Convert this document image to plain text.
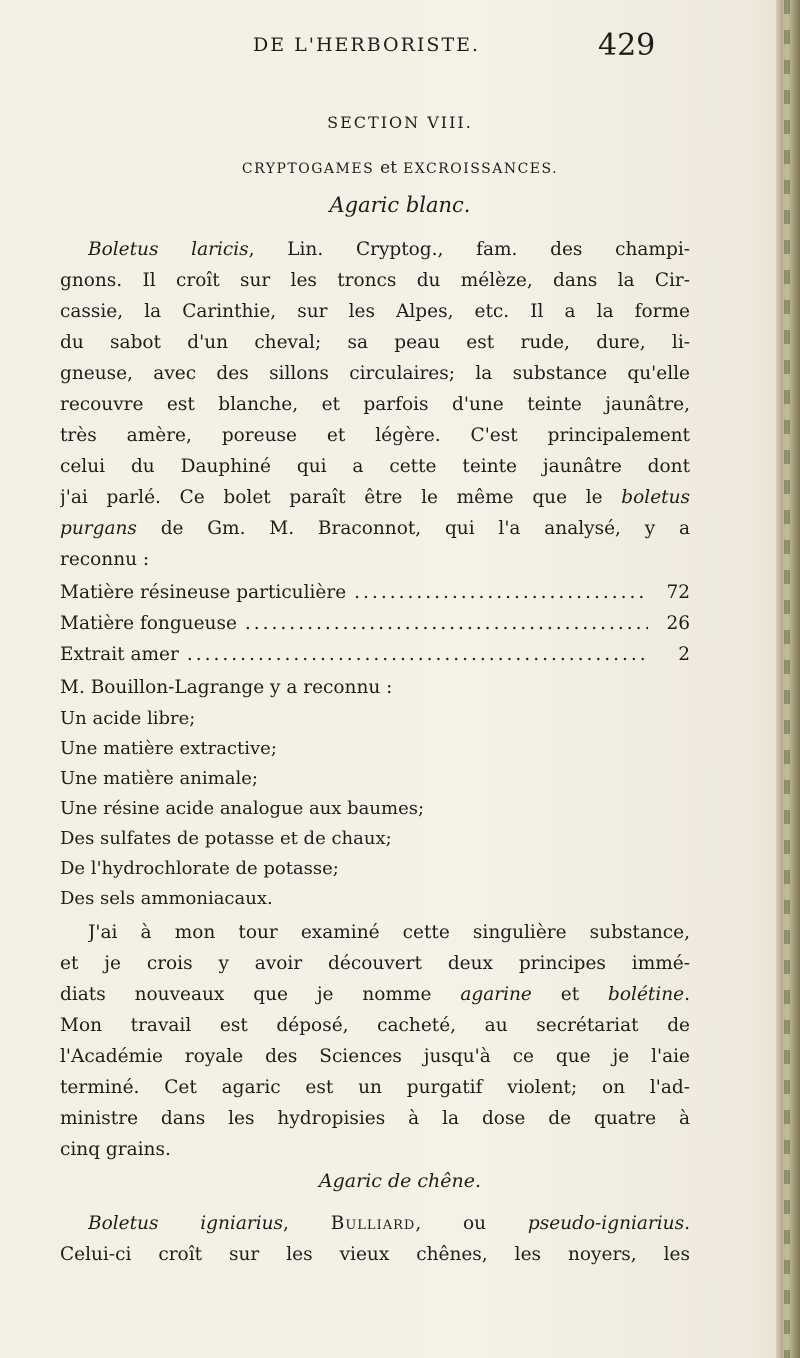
DE L'HERBORISTE.	429
SECTION VIII.
CRYPTOGAMES et EXCROISSANCES.
Agaric blanc.
Boletus laricis, Lin. Cryptog., fam. des champi-
gnons. Il croît sur les troncs du mélèze, dans la Cir-
cassie, la Carinthie, sur les Alpes, etc. Il a la forme
du sabot d'un cheval; sa peau est rude, dure, li-
gneuse, avec des sillons circulaires; la substance qu'elle
recouvre est blanche, et parfois d'une teinte jaunâtre,
très amère, poreuse et légère. C'est principalement
celui du Dauphiné qui a cette teinte jaunâtre dont
j'ai parlé. Ce bolet paraît être le même que le boletus
purgans de Gm. M. Braconnot, qui l'a analysé, y a
reconnu :
Matière résineuse particulière .....	72
Matière fongueuse .....	26
Extrait amer .....	2
M. Bouillon-Lagrange y a reconnu :
Un acide libre;
Une matière extractive;
Une matière animale;
Une résine acide analogue aux baumes;
Des sulfates de potasse et de chaux;
De l'hydrochlorate de potasse;
Des sels ammoniacaux.
J'ai à mon tour examiné cette singulière substance,
et je crois y avoir découvert deux principes immé-
diats nouveaux que je nomme agarine et bolétine.
Mon travail est déposé, cacheté, au secrétariat de
l'Académie royale des Sciences jusqu'à ce que je l'aie
terminé. Cet agaric est un purgatif violent; on l'ad-
ministre dans les hydropisies à la dose de quatre à
cinq grains.
Agaric de chêne.
Boletus igniarius, Bulliard, ou pseudo-igniarius.
Celui-ci croît sur les vieux chênes, les noyers, les
